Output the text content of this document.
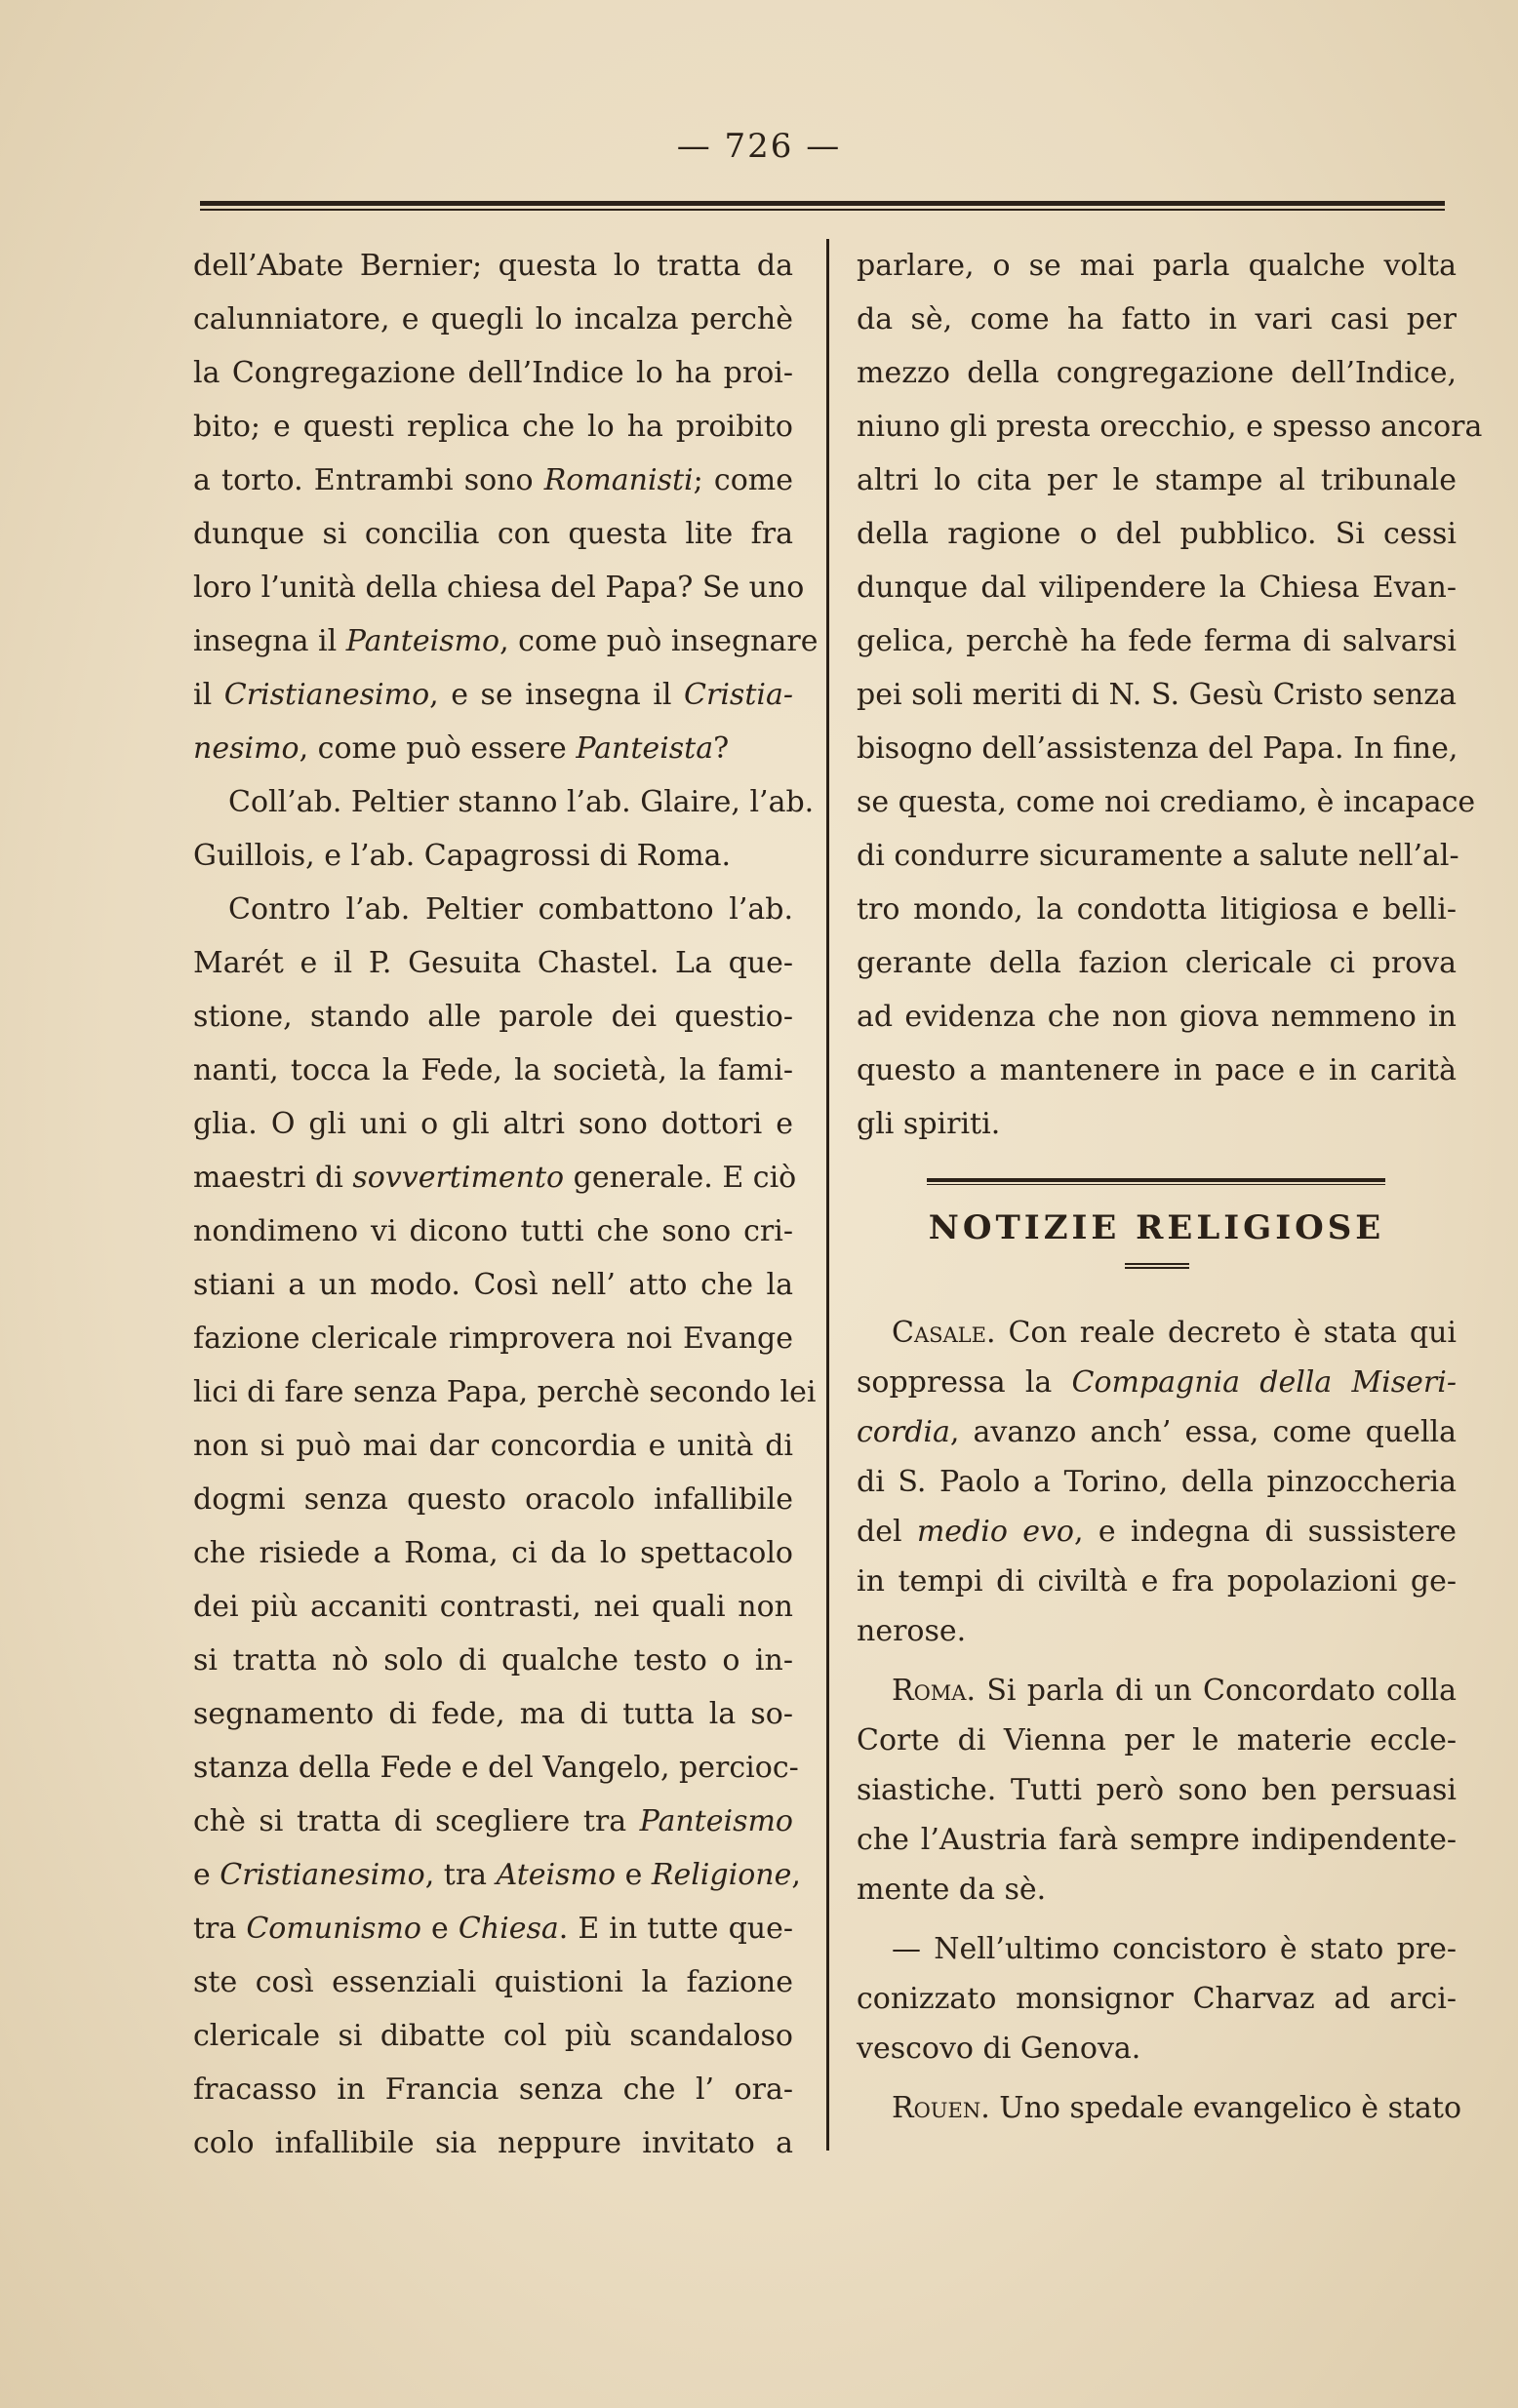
— 726 —
dell’Abate Bernier; questa lo tratta da
calunniatore, e quegli lo incalza perchè
la Congregazione dell’Indice lo ha proi-
bito; e questi replica che lo ha proibito
a torto. Entrambi sono Romanisti; come
dunque si concilia con questa lite fra
loro l’unità della chiesa del Papa? Se uno
insegna il Panteismo, come può insegnare
il Cristianesimo, e se insegna il Cristia-
nesimo, come può essere Panteista?
Coll’ab. Peltier stanno l’ab. Glaire, l’ab.
Guillois, e l’ab. Capagrossi di Roma.
Contro l’ab. Peltier combattono l’ab.
Marét e il P. Gesuita Chastel. La que-
stione, stando alle parole dei questio-
nanti, tocca la Fede, la società, la fami-
glia. O gli uni o gli altri sono dottori e
maestri di sovvertimento generale. E ciò
nondimeno vi dicono tutti che sono cri-
stiani a un modo. Così nell’ atto che la
fazione clericale rimprovera noi Evange
lici di fare senza Papa, perchè secondo lei
non si può mai dar concordia e unità di
dogmi senza questo oracolo infallibile
che risiede a Roma, ci da lo spettacolo
dei più accaniti contrasti, nei quali non
si tratta nò solo di qualche testo o in-
segnamento di fede, ma di tutta la so-
stanza della Fede e del Vangelo, percioc-
chè si tratta di scegliere tra Panteismo
e Cristianesimo, tra Ateismo e Religione,
tra Comunismo e Chiesa. E in tutte que-
ste così essenziali quistioni la fazione
clericale si dibatte col più scandaloso
fracasso in Francia senza che l’ ora-
colo infallibile sia neppure invitato a
parlare, o se mai parla qualche volta
da sè, come ha fatto in vari casi per
mezzo della congregazione dell’Indice,
niuno gli presta orecchio, e spesso ancora
altri lo cita per le stampe al tribunale
della ragione o del pubblico. Si cessi
dunque dal vilipendere la Chiesa Evan-
gelica, perchè ha fede ferma di salvarsi
pei soli meriti di N. S. Gesù Cristo senza
bisogno dell’assistenza del Papa. In fine,
se questa, come noi crediamo, è incapace
di condurre sicuramente a salute nell’al-
tro mondo, la condotta litigiosa e belli-
gerante della fazion clericale ci prova
ad evidenza che non giova nemmeno in
questo a mantenere in pace e in carità
gli spiriti.
NOTIZIE RELIGIOSE
Casale. Con reale decreto è stata qui
soppressa la Compagnia della Miseri-
cordia, avanzo anch’ essa, come quella
di S. Paolo a Torino, della pinzoccheria
del medio evo, e indegna di sussistere
in tempi di civiltà e fra popolazioni ge-
nerose.
Roma. Si parla di un Concordato colla
Corte di Vienna per le materie eccle-
siastiche. Tutti però sono ben persuasi
che l’Austria farà sempre indipendente-
mente da sè.
— Nell’ultimo concistoro è stato pre-
conizzato monsignor Charvaz ad arci-
vescovo di Genova.
Rouen. Uno spedale evangelico è stato
